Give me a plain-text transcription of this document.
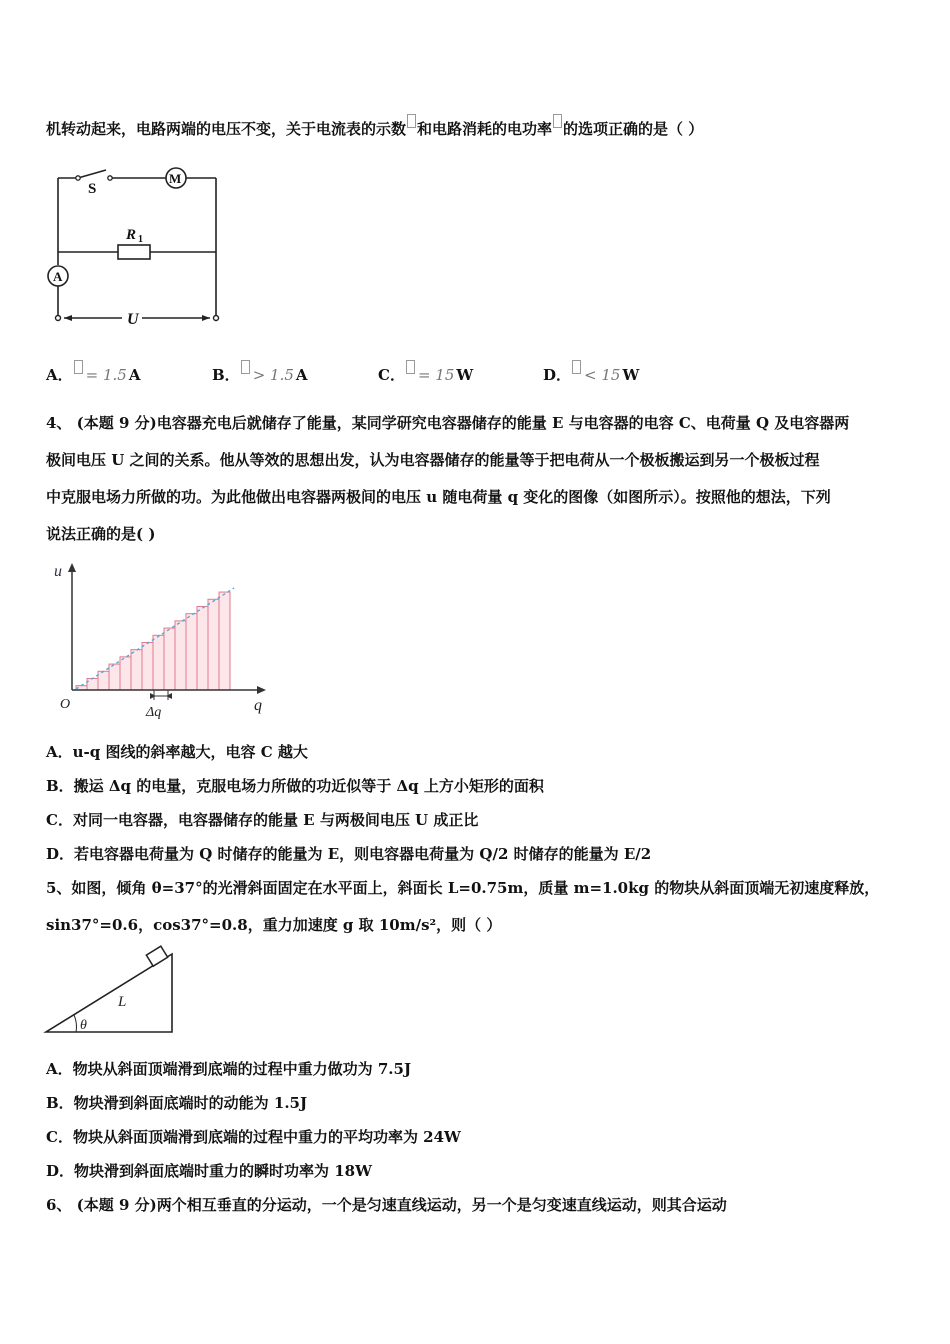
机转动起来，电路两端的电压不变，关于电流表的示数 和电路消耗的电功率 的选项正确的是（ ）
S
M
R 1
A
U
A． = 1.5 A	B． > 1.5 A	C． = 15 W	D． < 15 W
4、 (本题 9 分)电容器充电后就储存了能量，某同学研究电容器储存的能量 E 与电容器的电容 C、电荷量 Q 及电容器两
极间电压 U 之间的关系。他从等效的思想出发，认为电容器储存的能量等于把电荷从一个极板搬运到另一个极板过程
中克服电场力所做的功。为此他做出电容器两极间的电压 u 随电荷量 q 变化的图像（如图所示）。按照他的想法，下列
说法正确的是( )
u
q
O
Δq
A．u-q 图线的斜率越大，电容 C 越大
B．搬运 Δq 的电量，克服电场力所做的功近似等于 Δq 上方小矩形的面积
C．对同一电容器，电容器储存的能量 E 与两极间电压 U 成正比
D．若电容器电荷量为 Q 时储存的能量为 E，则电容器电荷量为 Q/2 时储存的能量为 E/2
5、如图，倾角 θ=37°的光滑斜面固定在水平面上，斜面长 L=0.75m，质量 m=1.0kg 的物块从斜面顶端无初速度释放，
sin37°=0.6，cos37°=0.8，重力加速度 g 取 10m/s²，则（ ）
L
θ
A．物块从斜面顶端滑到底端的过程中重力做功为 7.5J
B．物块滑到斜面底端时的动能为 1.5J
C．物块从斜面顶端滑到底端的过程中重力的平均功率为 24W
D．物块滑到斜面底端时重力的瞬时功率为 18W
6、 (本题 9 分)两个相互垂直的分运动，一个是匀速直线运动，另一个是匀变速直线运动，则其合运动
